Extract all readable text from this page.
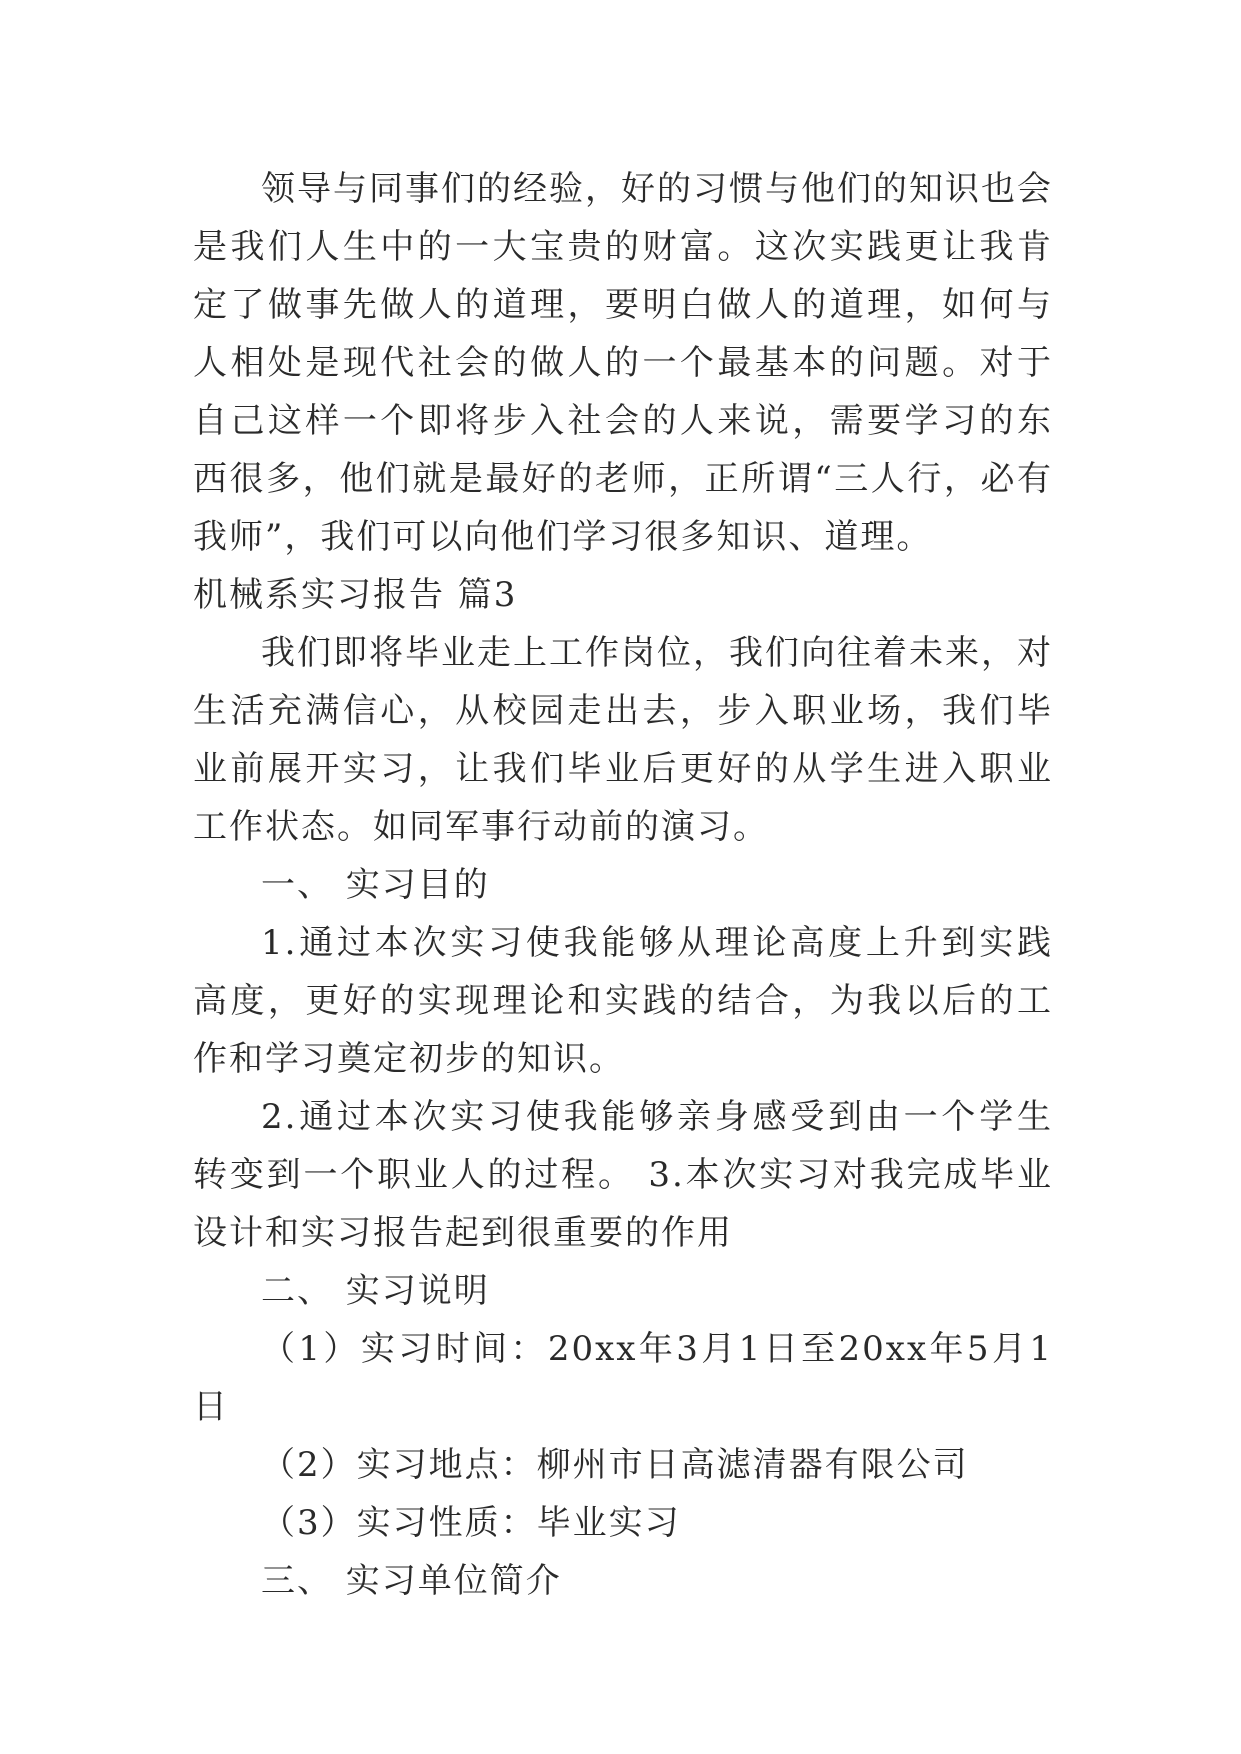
领导与同事们的经验，好的习惯与他们的知识也会是我们人生中的一大宝贵的财富。这次实践更让我肯定了做事先做人的道理，要明白做人的道理，如何与人相处是现代社会的做人的一个最基本的问题。对于自己这样一个即将步入社会的人来说，需要学习的东西很多，他们就是最好的老师，正所谓“三人行，必有我师”，我们可以向他们学习很多知识、道理。

机械系实习报告 篇3

我们即将毕业走上工作岗位，我们向往着未来，对生活充满信心，从校园走出去，步入职业场，我们毕业前展开实习，让我们毕业后更好的从学生进入职业工作状态。如同军事行动前的演习。

一、 实习目的

1.通过本次实习使我能够从理论高度上升到实践高度，更好的实现理论和实践的结合，为我以后的工作和学习奠定初步的知识。

2.通过本次实习使我能够亲身感受到由一个学生转变到一个职业人的过程。 3.本次实习对我完成毕业设计和实习报告起到很重要的作用

二、 实习说明

（1）实习时间：20xx年3月1日至20xx年5月1日

（2）实习地点：柳州市日高滤清器有限公司

（3）实习性质：毕业实习

三、 实习单位简介
